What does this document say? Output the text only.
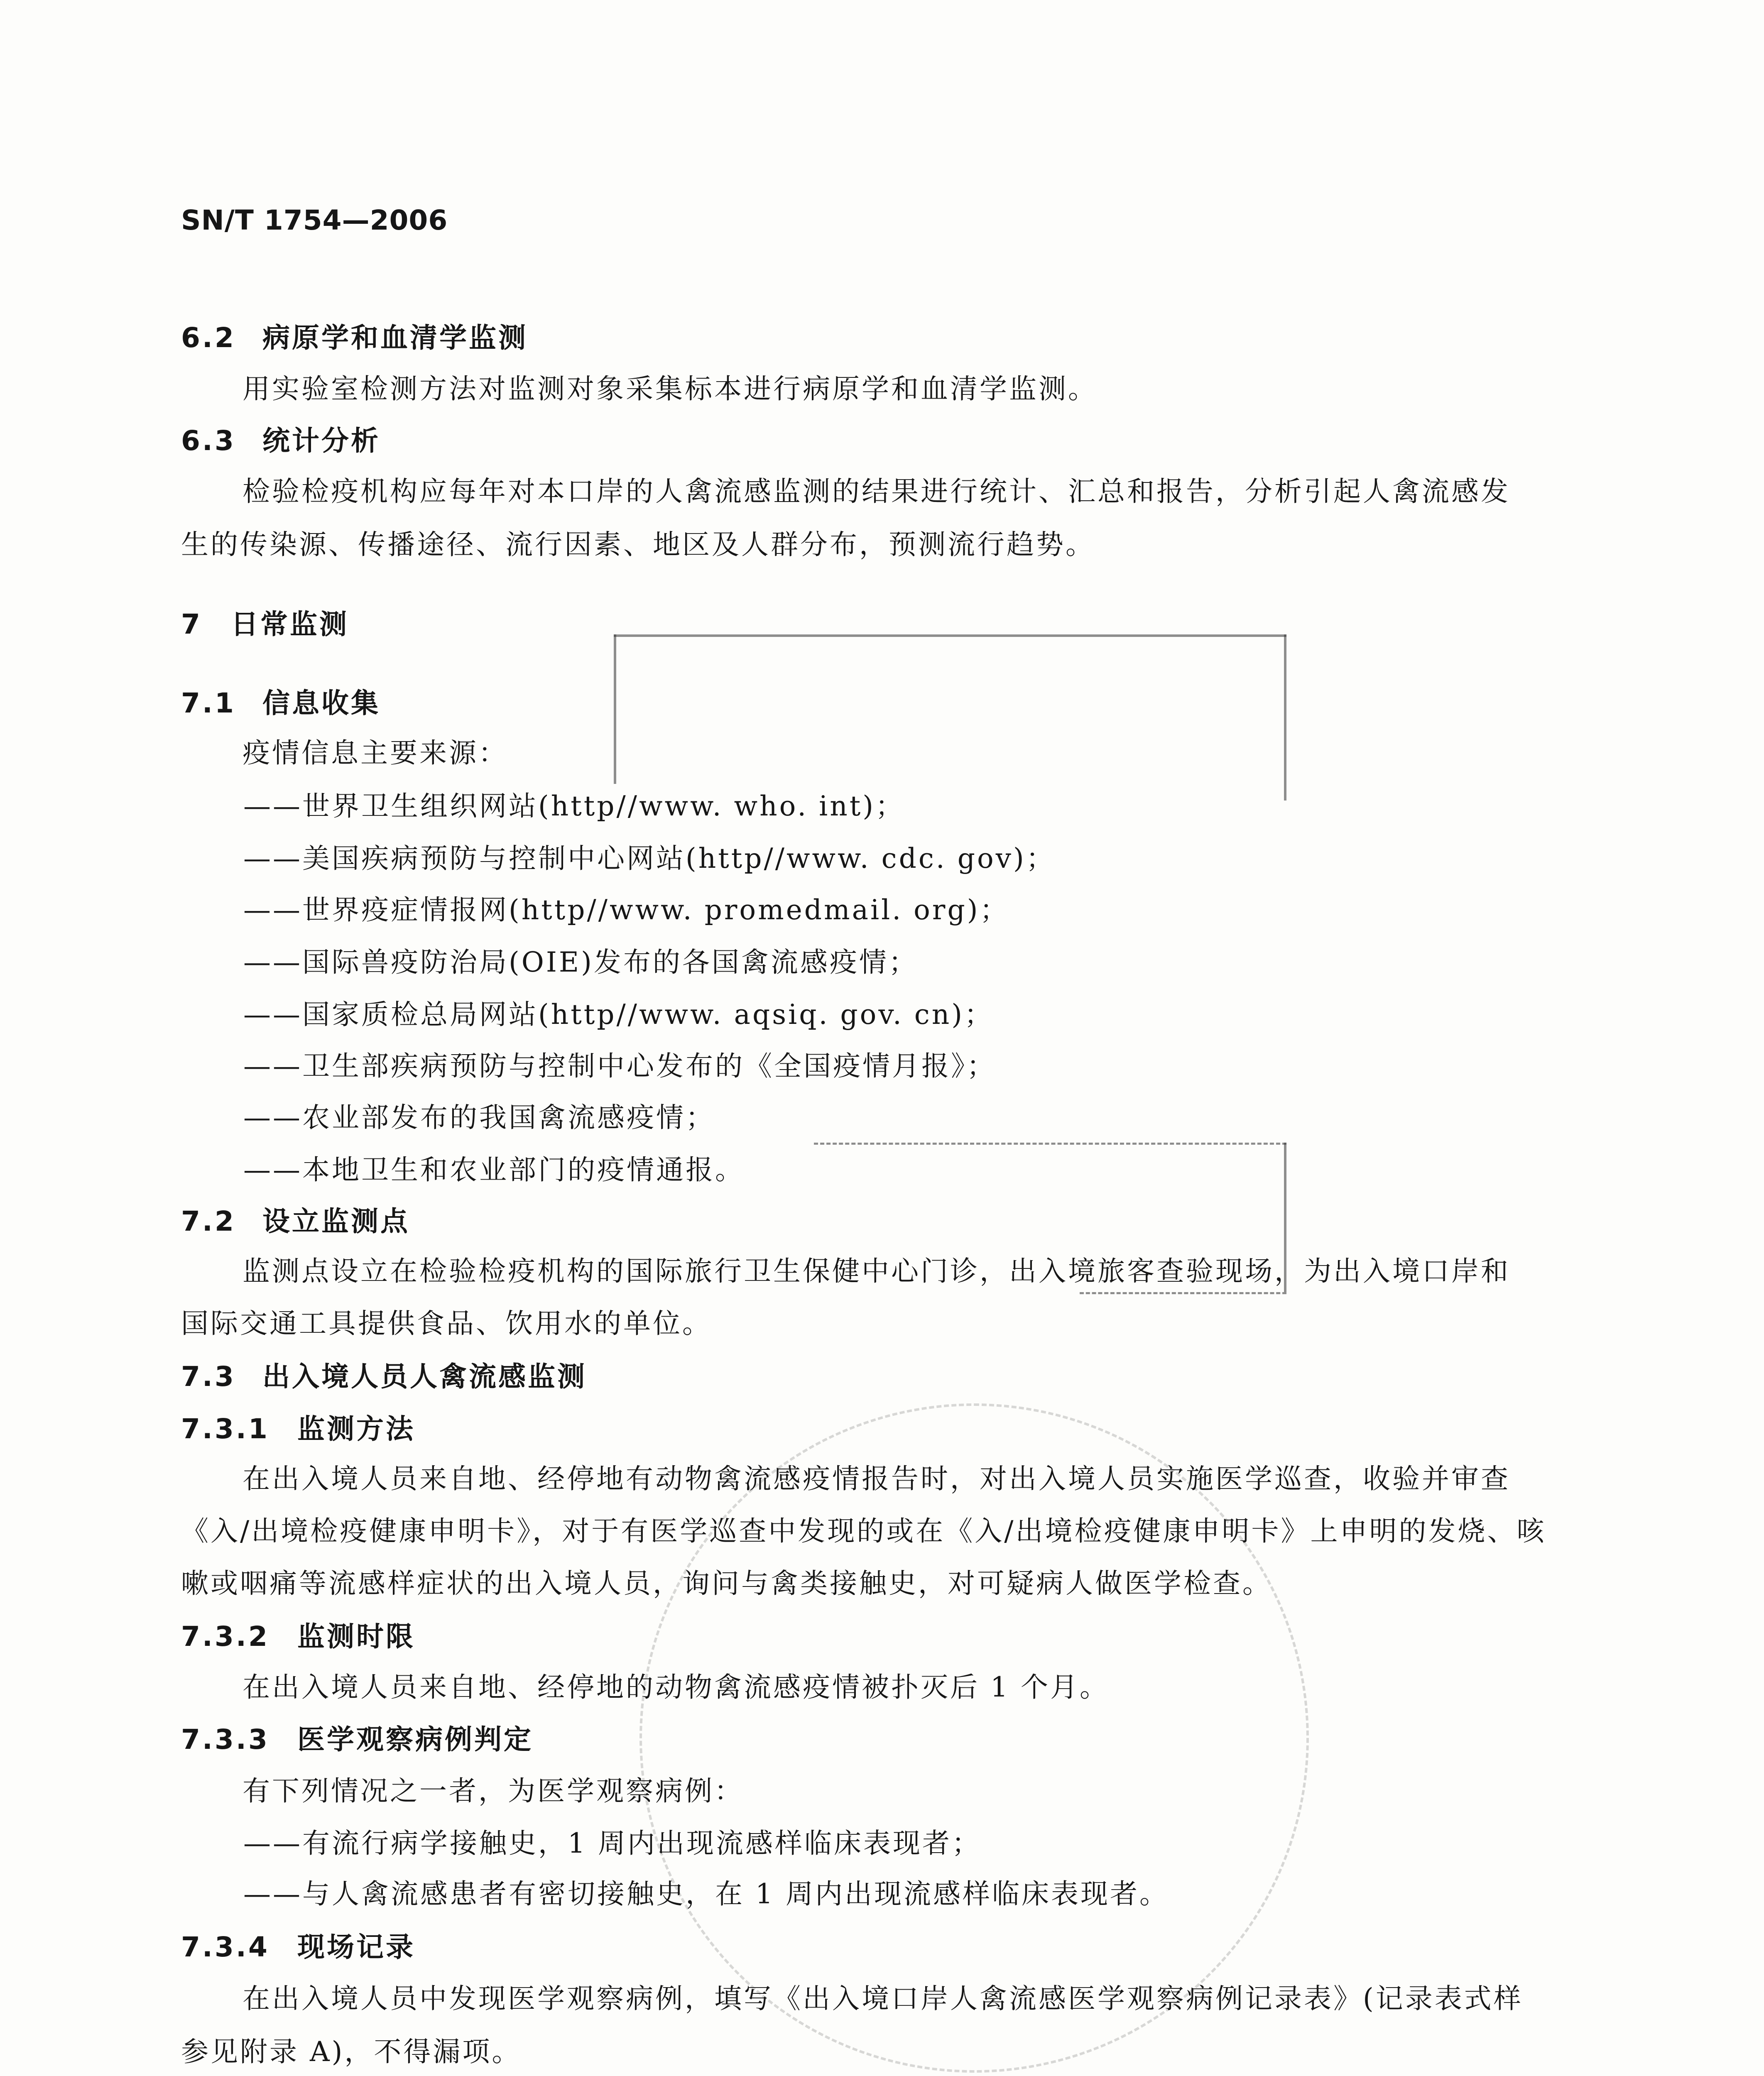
SN/T 1754—2006
6.2 病原学和血清学监测
用实验室检测方法对监测对象采集标本进行病原学和血清学监测。
6.3 统计分析
检验检疫机构应每年对本口岸的人禽流感监测的结果进行统计、汇总和报告，分析引起人禽流感发
生的传染源、传播途径、流行因素、地区及人群分布，预测流行趋势。
7 日常监测
7.1 信息收集
疫情信息主要来源：
——世界卫生组织网站(http//www. who. int)；
——美国疾病预防与控制中心网站(http//www. cdc. gov)；
——世界疫症情报网(http//www. promedmail. org)；
——国际兽疫防治局(OIE)发布的各国禽流感疫情；
——国家质检总局网站(http//www. aqsiq. gov. cn)；
——卫生部疾病预防与控制中心发布的《全国疫情月报》；
——农业部发布的我国禽流感疫情；
——本地卫生和农业部门的疫情通报。
7.2 设立监测点
监测点设立在检验检疫机构的国际旅行卫生保健中心门诊，出入境旅客查验现场，为出入境口岸和
国际交通工具提供食品、饮用水的单位。
7.3 出入境人员人禽流感监测
7.3.1 监测方法
在出入境人员来自地、经停地有动物禽流感疫情报告时，对出入境人员实施医学巡查，收验并审查
《入/出境检疫健康申明卡》，对于有医学巡查中发现的或在《入/出境检疫健康申明卡》上申明的发烧、咳
嗽或咽痛等流感样症状的出入境人员，询问与禽类接触史，对可疑病人做医学检查。
7.3.2 监测时限
在出入境人员来自地、经停地的动物禽流感疫情被扑灭后 1 个月。
7.3.3 医学观察病例判定
有下列情况之一者，为医学观察病例：
——有流行病学接触史，1 周内出现流感样临床表现者；
——与人禽流感患者有密切接触史，在 1 周内出现流感样临床表现者。
7.3.4 现场记录
在出入境人员中发现医学观察病例，填写《出入境口岸人禽流感医学观察病例记录表》(记录表式样
参见附录 A)，不得漏项。
